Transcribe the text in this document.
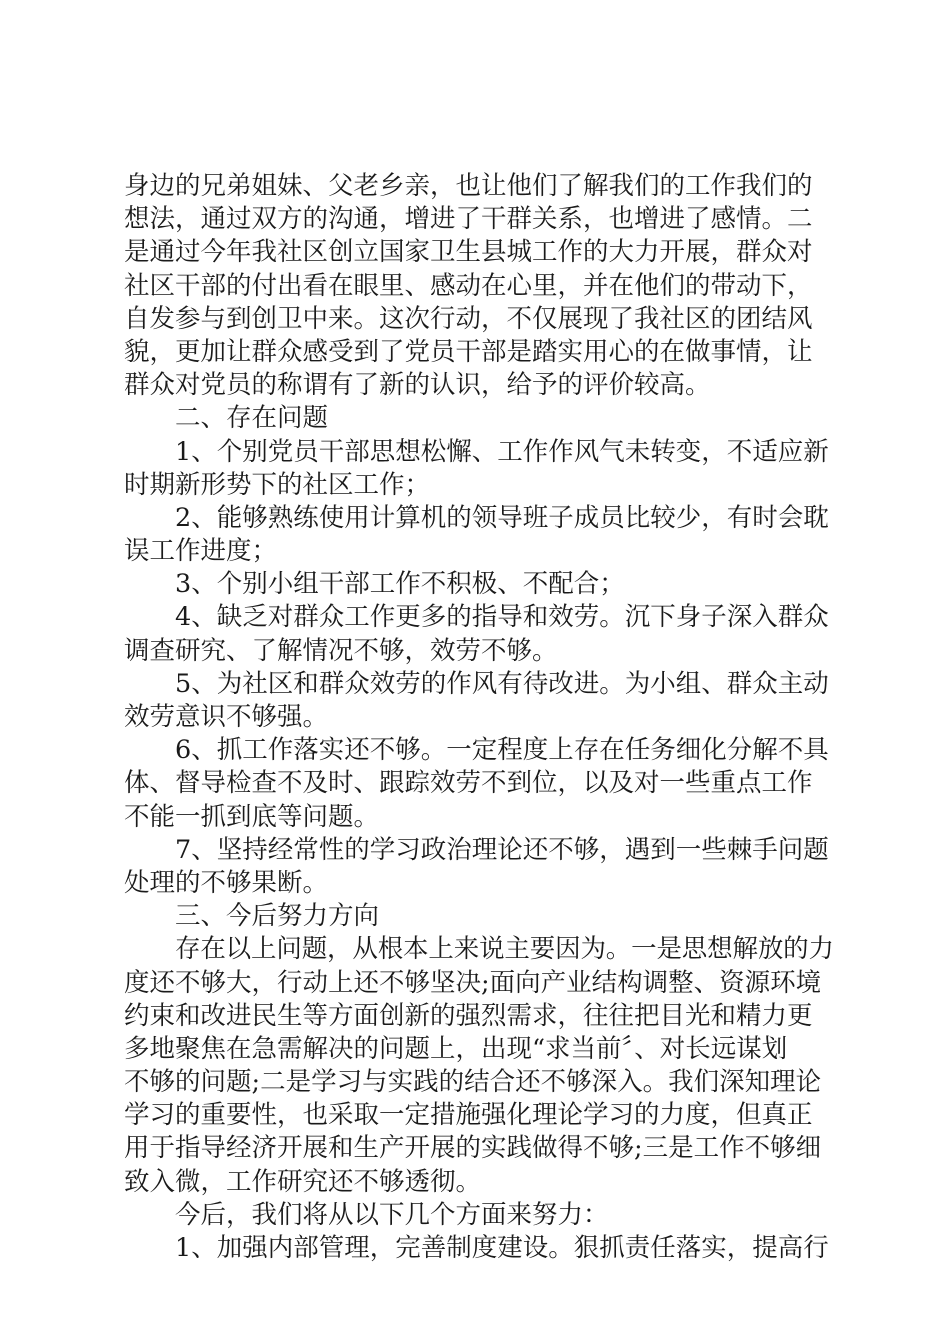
身边的兄弟姐妹、父老乡亲，也让他们了解我们的工作我们的
想法，通过双方的沟通，增进了干群关系，也增进了感情。二
是通过今年我社区创立国家卫生县城工作的大力开展，群众对
社区干部的付出看在眼里、感动在心里，并在他们的带动下，
自发参与到创卫中来。这次行动，不仅展现了我社区的团结风
貌，更加让群众感受到了党员干部是踏实用心的在做事情，让
群众对党员的称谓有了新的认识，给予的评价较高。
二、存在问题
1、个别党员干部思想松懈、工作作风气未转变，不适应新
时期新形势下的社区工作；
2、能够熟练使用计算机的领导班子成员比较少，有时会耽
误工作进度；
3、个别小组干部工作不积极、不配合；
4、缺乏对群众工作更多的指导和效劳。沉下身子深入群众
调查研究、了解情况不够，效劳不够。
5、为社区和群众效劳的作风有待改进。为小组、群众主动
效劳意识不够强。
6、抓工作落实还不够。一定程度上存在任务细化分解不具
体、督导检查不及时、跟踪效劳不到位，以及对一些重点工作
不能一抓到底等问题。
7、坚持经常性的学习政治理论还不够，遇到一些棘手问题
处理的不够果断。
三、今后努力方向
存在以上问题，从根本上来说主要因为。一是思想解放的力
度还不够大，行动上还不够坚决;面向产业结构调整、资源环境
约束和改进民生等方面创新的强烈需求，往往把目光和精力更
多地聚焦在急需解决的问题上，出现“求当前〞、对长远谋划
不够的问题;二是学习与实践的结合还不够深入。我们深知理论
学习的重要性，也采取一定措施强化理论学习的力度，但真正
用于指导经济开展和生产开展的实践做得不够;三是工作不够细
致入微，工作研究还不够透彻。
今后，我们将从以下几个方面来努力：
1、加强内部管理，完善制度建设。狠抓责任落实，提高行
